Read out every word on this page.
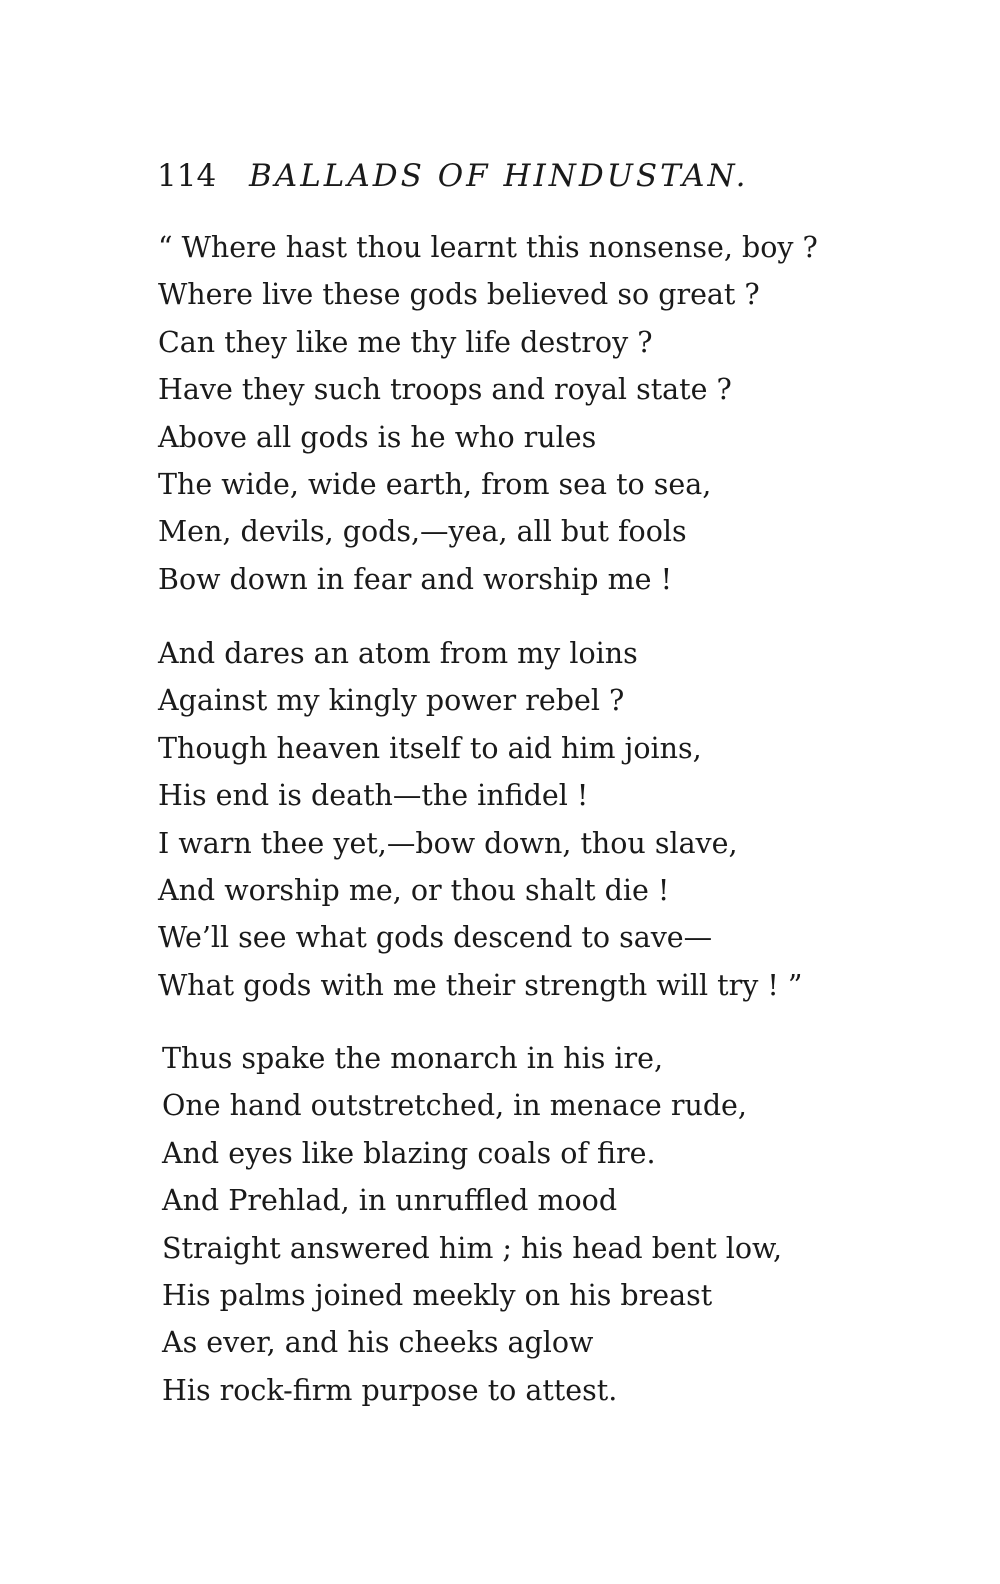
114 BALLADS OF HINDUSTAN.
“ Where hast thou learnt this nonsense, boy ?
Where live these gods believed so great ?
Can they like me thy life destroy ?
Have they such troops and royal state ?
Above all gods is he who rules
The wide, wide earth, from sea to sea,
Men, devils, gods,—yea, all but fools
Bow down in fear and worship me !
And dares an atom from my loins
Against my kingly power rebel ?
Though heaven itself to aid him joins,
His end is death—the infidel !
I warn thee yet,—bow down, thou slave,
And worship me, or thou shalt die !
We’ll see what gods descend to save—
What gods with me their strength will try ! ”
Thus spake the monarch in his ire,
One hand outstretched, in menace rude,
And eyes like blazing coals of fire.
And Prehlad, in unruffled mood
Straight answered him ; his head bent low,
His palms joined meekly on his breast
As ever, and his cheeks aglow
His rock-firm purpose to attest.
